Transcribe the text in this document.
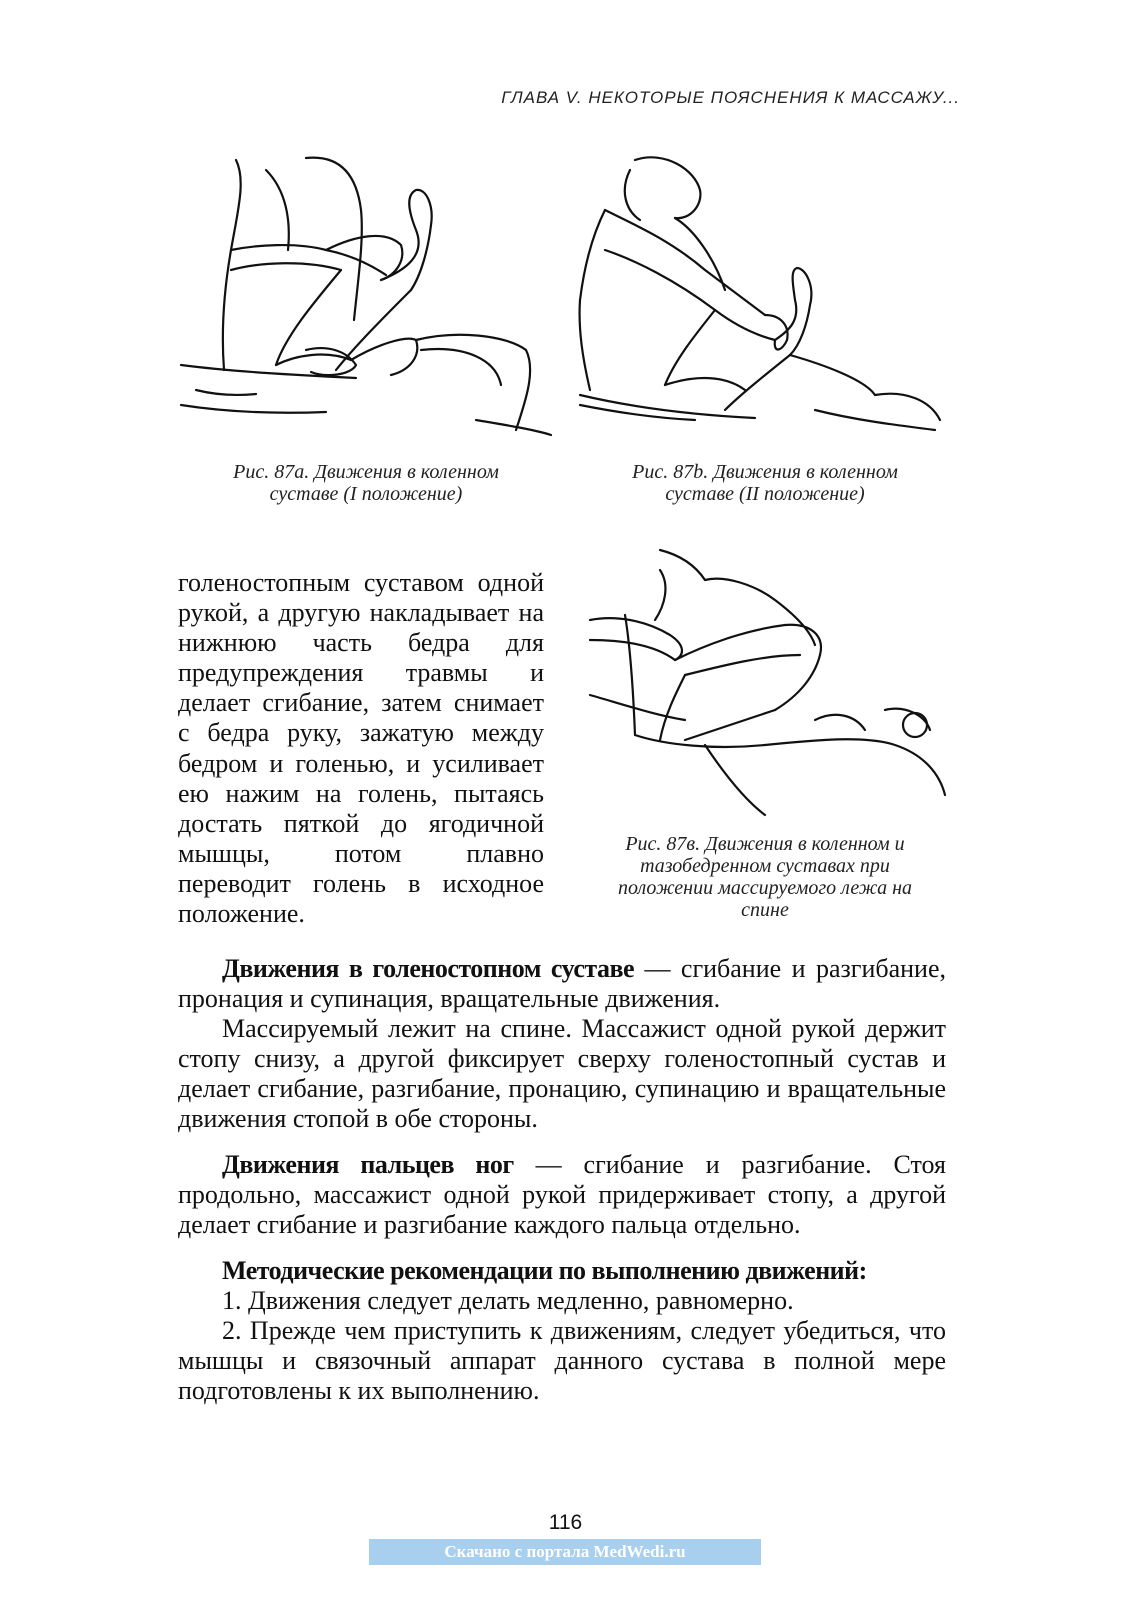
ГЛАВА V. НЕКОТОРЫЕ ПОЯСНЕНИЯ К МАССАЖУ...
Рис. 87а. Движения в коленном
суставе (I положение)
Рис. 87b. Движения в коленном
суставе (II положение)
Рис. 87в. Движения в коленном и
тазобедренном суставах при
положении массируемого лежа на
спине

голеностопным суставом одной рукой, а другую накладывает на нижнюю часть бедра для предупреждения травмы и делает сгибание, затем снимает с бедра руку, зажатую между бедром и голенью, и усиливает ею нажим на голень, пытаясь достать пяткой до ягодичной мышцы, потом плавно переводит голень в исходное положение.

Движения в голеностопном суставе — сгибание и разгибание, пронация и супинация, вращательные движения.

Массируемый лежит на спине. Массажист одной рукой держит стопу снизу, а другой фиксирует сверху голеностопный сустав и делает сгибание, разгибание, пронацию, супинацию и вращательные движения стопой в обе стороны.

Движения пальцев ног — сгибание и разгибание. Стоя продольно, массажист одной рукой придерживает стопу, а другой делает сгибание и разгибание каждого пальца отдельно.

Методические рекомендации по выполнению движений:

1. Движения следует делать медленно, равномерно.

2. Прежде чем приступить к движениям, следует убедиться, что мышцы и связочный аппарат данного сустава в полной мере подготовлены к их выполнению.

116
Скачано с портала MedWedi.ru
